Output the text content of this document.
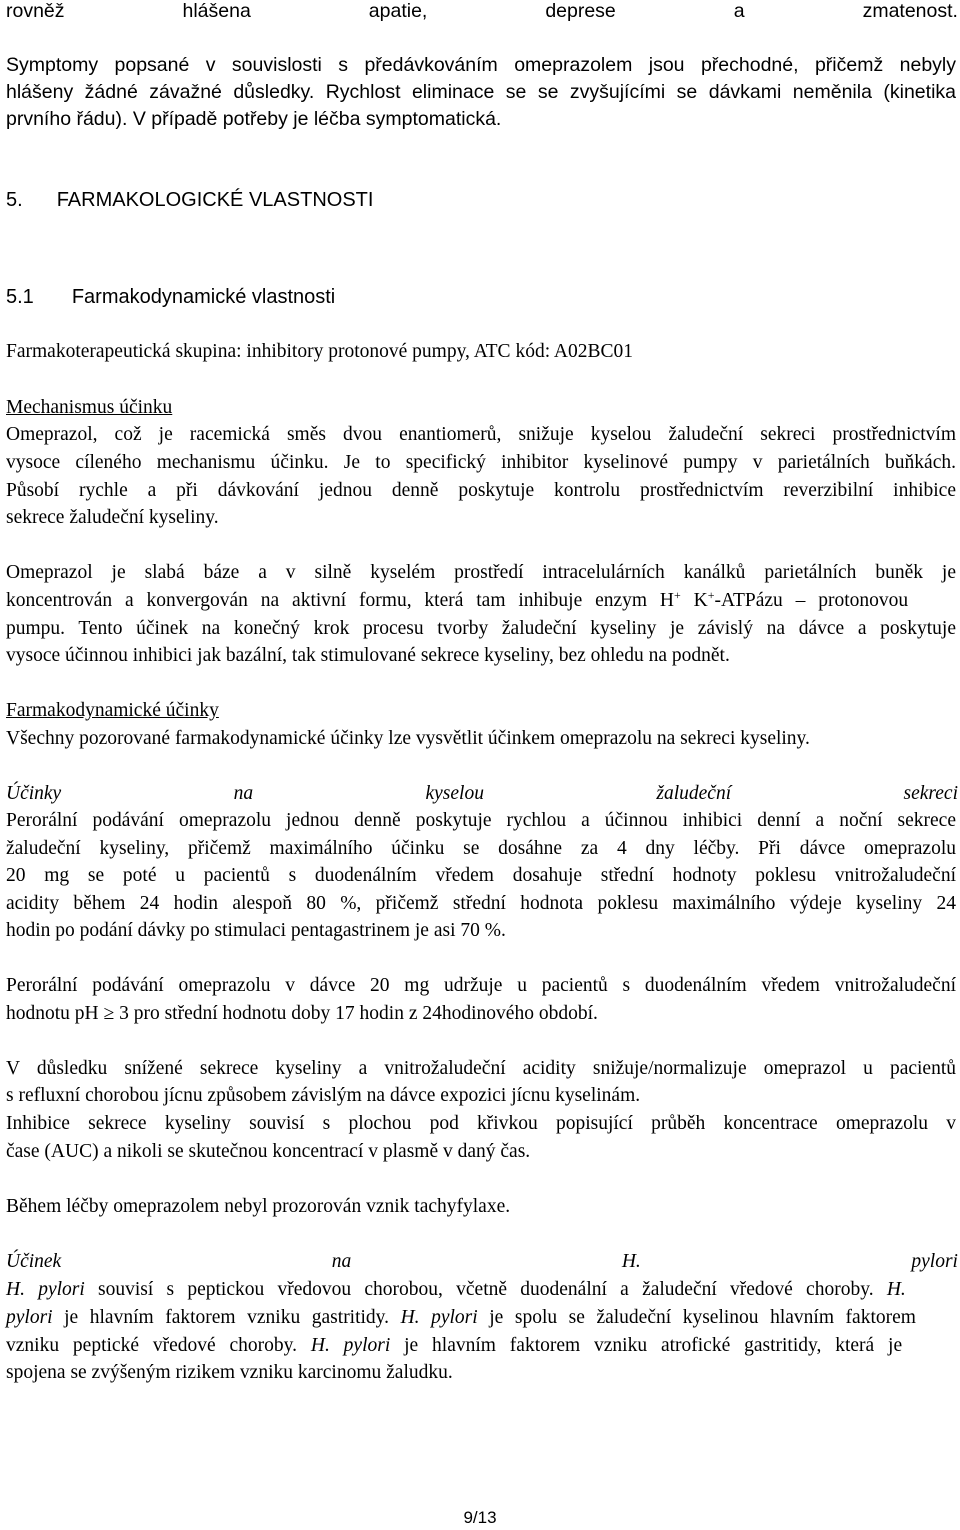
rovněž	hlášena	apatie,	deprese	a	zmatenost.
Symptomy popsané v souvislosti s předávkováním omeprazolem jsou přechodné, přičemž nebyly
hlášeny žádné závažné důsledky. Rychlost eliminace se se zvyšujícími se dávkami neměnila (kinetika
prvního řádu). V případě potřeby je léčba symptomatická.
5. FARMAKOLOGICKÉ VLASTNOSTI
5.1 Farmakodynamické vlastnosti
Farmakoterapeutická skupina: inhibitory protonové pumpy, ATC kód: A02BC01
Mechanismus účinku
Omeprazol, což je racemická směs dvou enantiomerů, snižuje kyselou žaludeční sekreci prostřednictvím
vysoce cíleného mechanismu účinku. Je to specifický inhibitor kyselinové pumpy v parietálních buňkách.
Působí rychle a při dávkování jednou denně poskytuje kontrolu prostřednictvím reverzibilní inhibice
sekrece žaludeční kyseliny.
Omeprazol je slabá báze a v silně kyselém prostředí intracelulárních kanálků parietálních buněk je
koncentrován a konvergován na aktivní formu, která tam inhibuje enzym H+ K+-ATPázu – protonovou
pumpu. Tento účinek na konečný krok procesu tvorby žaludeční kyseliny je závislý na dávce a poskytuje
vysoce účinnou inhibici jak bazální, tak stimulované sekrece kyseliny, bez ohledu na podnět.
Farmakodynamické účinky
Všechny pozorované farmakodynamické účinky lze vysvětlit účinkem omeprazolu na sekreci kyseliny.
Účinky	na	kyselou	žaludeční	sekreci
Perorální podávání omeprazolu jednou denně poskytuje rychlou a účinnou inhibici denní a noční sekrece
žaludeční kyseliny, přičemž maximálního účinku se dosáhne za 4 dny léčby. Při dávce omeprazolu
20 mg se poté u pacientů s duodenálním vředem dosahuje střední hodnoty poklesu vnitrožaludeční
acidity během 24 hodin alespoň 80 %, přičemž střední hodnota poklesu maximálního výdeje kyseliny 24
hodin po podání dávky po stimulaci pentagastrinem je asi 70 %.
Perorální podávání omeprazolu v dávce 20 mg udržuje u pacientů s duodenálním vředem vnitrožaludeční
hodnotu pH ≥ 3 pro střední hodnotu doby 17 hodin z 24hodinového období.
V důsledku snížené sekrece kyseliny a vnitrožaludeční acidity snižuje/normalizuje omeprazol u pacientů
s refluxní chorobou jícnu způsobem závislým na dávce expozici jícnu kyselinám.
Inhibice sekrece kyseliny souvisí s plochou pod křivkou popisující průběh koncentrace omeprazolu v
čase (AUC) a nikoli se skutečnou koncentrací v plasmě v daný čas.
Během léčby omeprazolem nebyl prozorován vznik tachyfylaxe.
Účinek	na	H.	pylori
H. pylori souvisí s peptickou vředovou chorobou, včetně duodenální a žaludeční vředové choroby. H.
pylori je hlavním faktorem vzniku gastritidy. H. pylori je spolu se žaludeční kyselinou hlavním faktorem
vzniku peptické vředové choroby. H. pylori je hlavním faktorem vzniku atrofické gastritidy, která je
spojena se zvýšeným rizikem vzniku karcinomu žaludku.
9/13
